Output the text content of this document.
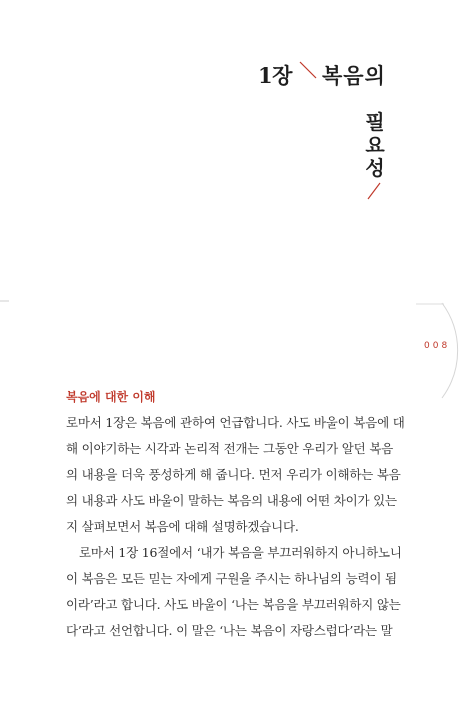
1장 복음의
필
요
성
008
복음에 대한 이해
로마서 1장은 복음에 관하여 언급합니다. 사도 바울이 복음에 대
해 이야기하는 시각과 논리적 전개는 그동안 우리가 알던 복음
의 내용을 더욱 풍성하게 해 줍니다. 먼저 우리가 이해하는 복음
의 내용과 사도 바울이 말하는 복음의 내용에 어떤 차이가 있는
지 살펴보면서 복음에 대해 설명하겠습니다.
로마서 1장 16절에서 ‘내가 복음을 부끄러워하지 아니하노니
이 복음은 모든 믿는 자에게 구원을 주시는 하나님의 능력이 됨
이라’라고 합니다. 사도 바울이 ‘나는 복음을 부끄러워하지 않는
다’라고 선언합니다. 이 말은 ‘나는 복음이 자랑스럽다’라는 말
